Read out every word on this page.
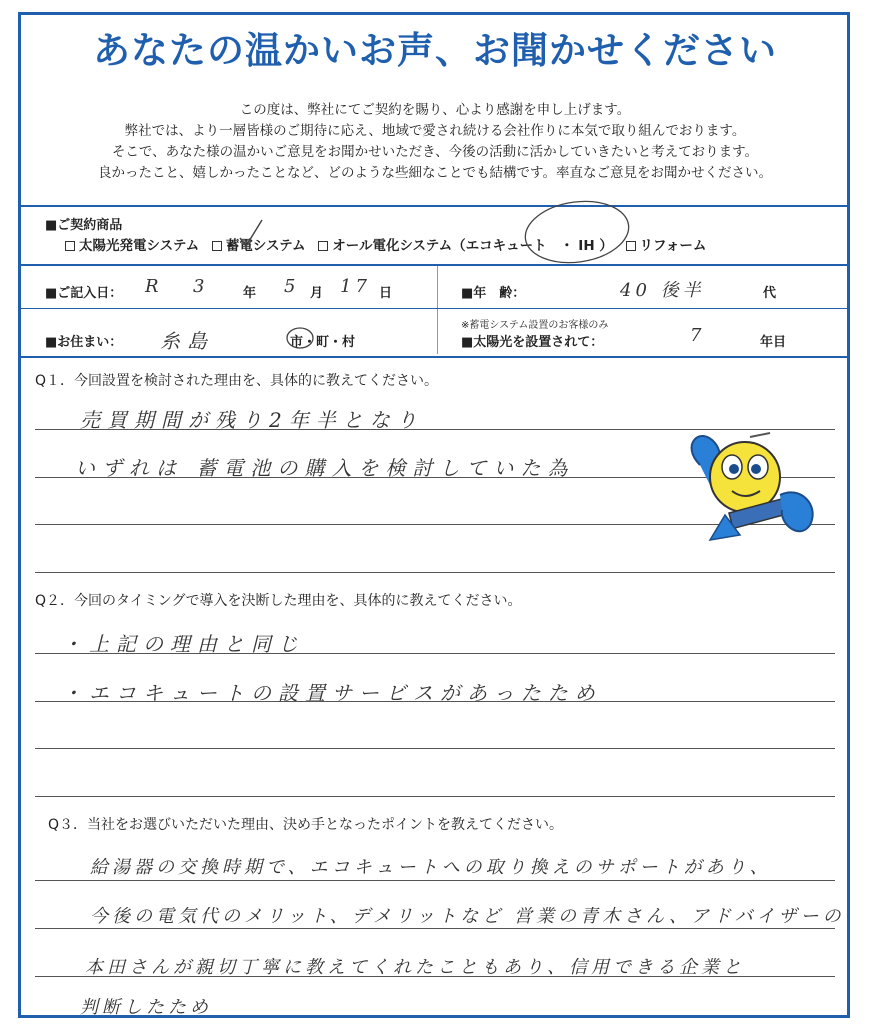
あなたの温かいお声、お聞かせください
この度は、弊社にてご契約を賜り、心より感謝を申し上げます。
弊社では、より一層皆様のご期待に応え、地域で愛され続ける会社作りに本気で取り組んでおります。
そこで、あなた様の温かいご意見をお聞かせいただき、今後の活動に活かしていきたいと考えております。
良かったこと、嬉しかったことなど、どのような些細なことでも結構です。率直なご意見をお聞かせください。
■ご契約商品
太陽光発電システム 蓄電システム オール電化システム（エコキュート　・ IH ） リフォーム
■ご記入日： R 3	年 5 月 17 日	■年　齢：	40 後半	代
■お住まい： 糸島	市・町・村
※蓄電システム設置のお客様のみ
■太陽光を設置されて：	7	年目
Q１．今回設置を検討された理由を、具体的に教えてください。
売買期間が残り2年半となり
いずれは 蓄電池の購入を検討していた為
Q２．今回のタイミングで導入を決断した理由を、具体的に教えてください。
・上記の理由と同じ
・エコキュートの設置サービスがあったため
Q３．当社をお選びいただいた理由、決め手となったポイントを教えてください。
給湯器の交換時期で、エコキュートへの取り換えのサポートがあり、
今後の電気代のメリット、デメリットなど 営業の青木さん、アドバイザーの
本田さんが親切丁寧に教えてくれたこともあり、信用できる企業と
判断したため
